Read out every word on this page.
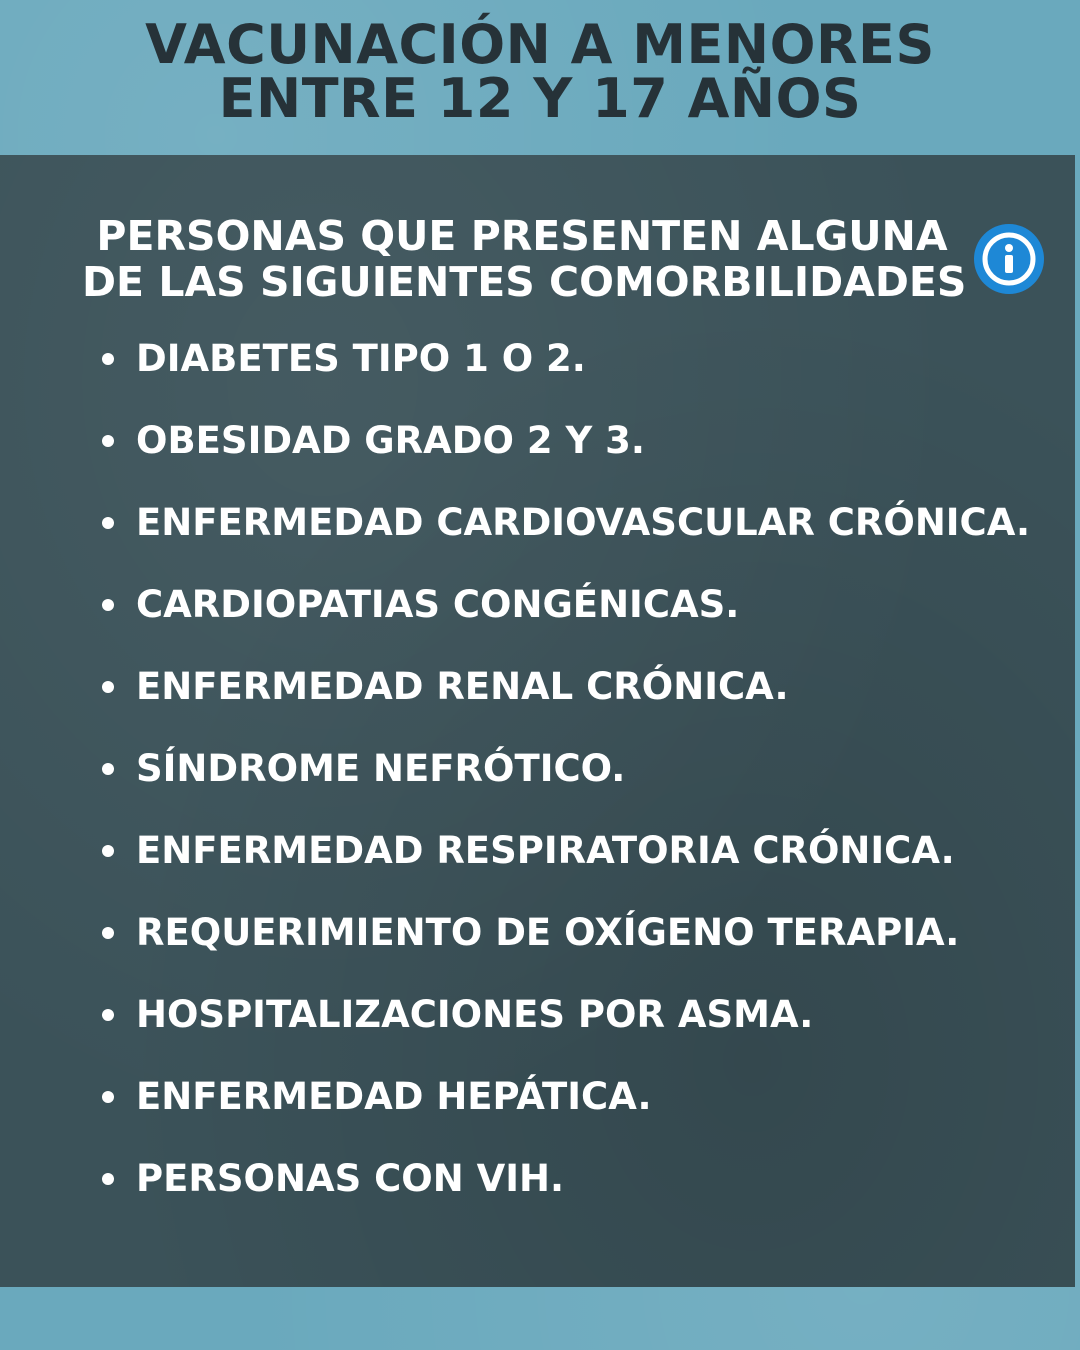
VACUNACIÓN A MENORES
ENTRE 12 Y 17 AÑOS
PERSONAS QUE PRESENTEN ALGUNA
DE LAS SIGUIENTES COMORBILIDADES
DIABETES TIPO 1 O 2.
OBESIDAD GRADO 2 Y 3.
ENFERMEDAD CARDIOVASCULAR CRÓNICA.
CARDIOPATIAS CONGÉNICAS.
ENFERMEDAD RENAL CRÓNICA.
SÍNDROME NEFRÓTICO.
ENFERMEDAD RESPIRATORIA CRÓNICA.
REQUERIMIENTO DE OXÍGENO TERAPIA.
HOSPITALIZACIONES POR ASMA.
ENFERMEDAD HEPÁTICA.
PERSONAS CON VIH.
